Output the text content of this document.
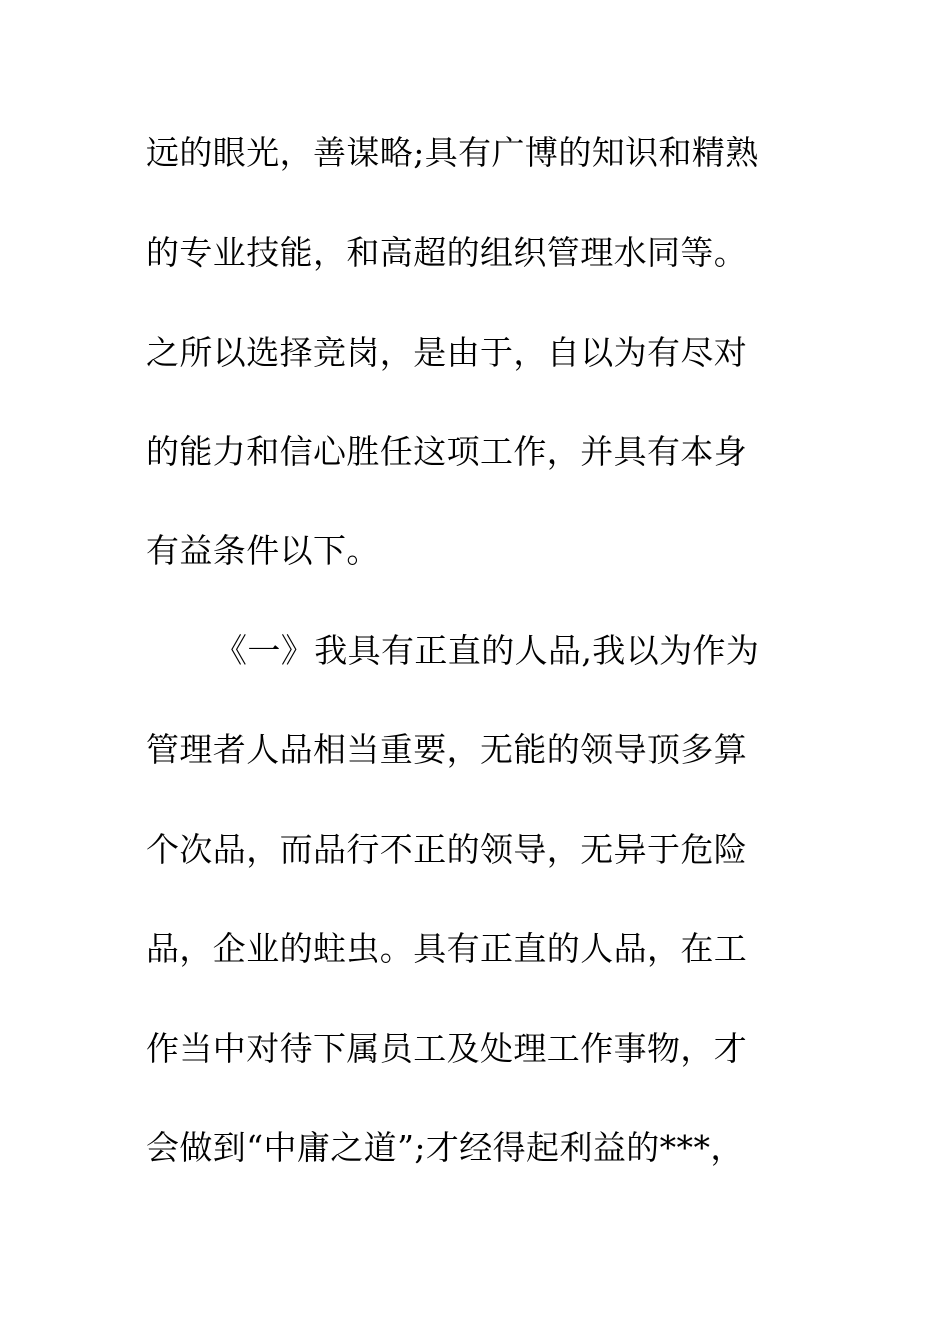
远的眼光，善谋略;具有广博的知识和精熟
的专业技能，和高超的组织管理水同等。
之所以选择竞岗，是由于，自以为有尽对
的能力和信心胜任这项工作，并具有本身
有益条件以下。
《一》我具有正直的人品,我以为作为
管理者人品相当重要，无能的领导顶多算
个次品，而品行不正的领导，无异于危险
品，企业的蛀虫。具有正直的人品，在工
作当中对待下属员工及处理工作事物，才
会做到“中庸之道”;才经得起利益的***，
